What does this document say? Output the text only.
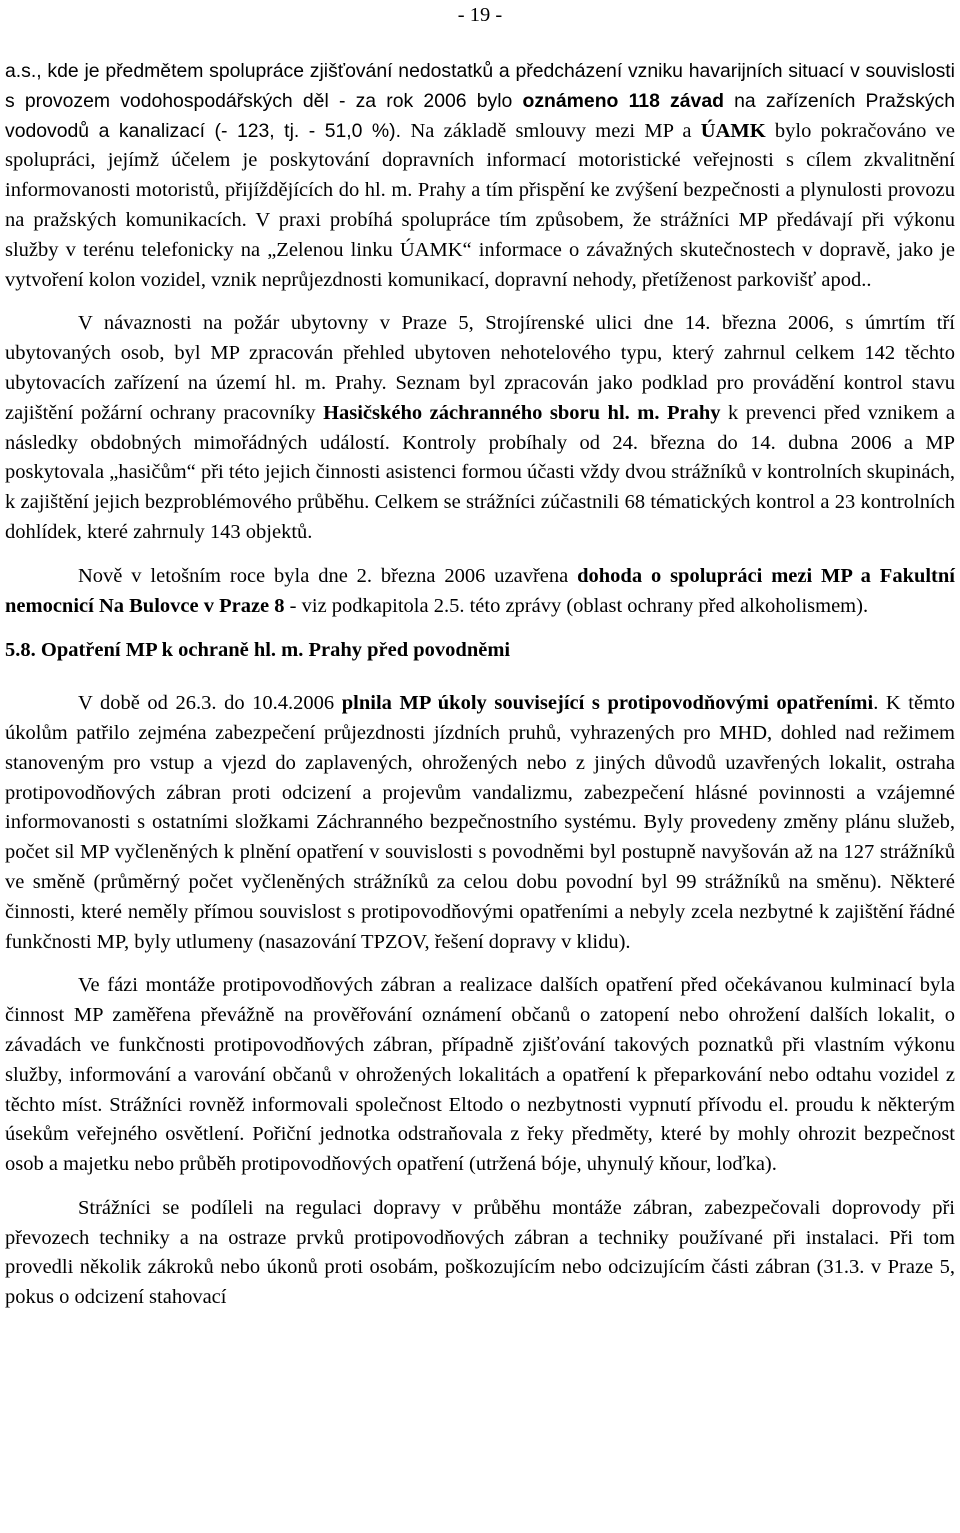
- 19 -

a.s., kde je předmětem spolupráce zjišťování nedostatků a předcházení vzniku havarijních situací v souvislosti s provozem vodohospodářských děl - za rok 2006 bylo oznámeno 118 závad na zařízeních Pražských vodovodů a kanalizací (- 123, tj. - 51,0 %). Na základě smlouvy mezi MP a ÚAMK bylo pokračováno ve spolupráci, jejímž účelem je poskytování dopravních informací motoristické veřejnosti s cílem zkvalitnění informovanosti motoristů, přijíždějících do hl. m. Prahy a tím přispění ke zvýšení bezpečnosti a plynulosti provozu na pražských komunikacích. V praxi probíhá spolupráce tím způsobem, že strážníci MP předávají při výkonu služby v terénu telefonicky na „Zelenou linku ÚAMK“ informace o závažných skutečnostech v dopravě, jako je vytvoření kolon vozidel, vznik neprůjezdnosti komunikací, dopravní nehody, přetíženost parkovišť apod..

V návaznosti na požár ubytovny v Praze 5, Strojírenské ulici dne 14. března 2006, s úmrtím tří ubytovaných osob, byl MP zpracován přehled ubytoven nehotelového typu, který zahrnul celkem 142 těchto ubytovacích zařízení na území hl. m. Prahy. Seznam byl zpracován jako podklad pro provádění kontrol stavu zajištění požární ochrany pracovníky Hasičského záchranného sboru hl. m. Prahy k prevenci před vznikem a následky obdobných mimořádných událostí. Kontroly probíhaly od 24. března do 14. dubna 2006 a MP poskytovala „hasičům“ při této jejich činnosti asistenci formou účasti vždy dvou strážníků v kontrolních skupinách, k zajištění jejich bezproblémového průběhu. Celkem se strážníci zúčastnili 68 tématických kontrol a 23 kontrolních dohlídek, které zahrnuly 143 objektů.

Nově v letošním roce byla dne 2. března 2006 uzavřena dohoda o spolupráci mezi MP a Fakultní nemocnicí Na Bulovce v Praze 8 - viz podkapitola 2.5. této zprávy (oblast ochrany před alkoholismem).

5.8. Opatření MP k ochraně hl. m. Prahy před povodněmi

V době od 26.3. do 10.4.2006 plnila MP úkoly související s protipovodňovými opatřeními. K těmto úkolům patřilo zejména zabezpečení průjezdnosti jízdních pruhů, vyhrazených pro MHD, dohled nad režimem stanoveným pro vstup a vjezd do zaplavených, ohrožených nebo z jiných důvodů uzavřených lokalit, ostraha protipovodňových zábran proti odcizení a projevům vandalizmu, zabezpečení hlásné povinnosti a vzájemné informovanosti s ostatními složkami Záchranného bezpečnostního systému. Byly provedeny změny plánu služeb, počet sil MP vyčleněných k plnění opatření v souvislosti s povodněmi byl postupně navyšován až na 127 strážníků ve směně (průměrný počet vyčleněných strážníků za celou dobu povodní byl 99 strážníků na směnu). Některé činnosti, které neměly přímou souvislost s protipovodňovými opatřeními a nebyly zcela nezbytné k zajištění řádné funkčnosti MP, byly utlumeny (nasazování TPZOV, řešení dopravy v klidu).

Ve fázi montáže protipovodňových zábran a realizace dalších opatření před očekávanou kulminací byla činnost MP zaměřena převážně na prověřování oznámení občanů o zatopení nebo ohrožení dalších lokalit, o závadách ve funkčnosti protipovodňových zábran, případně zjišťování takových poznatků při vlastním výkonu služby, informování a varování občanů v ohrožených lokalitách a opatření k přeparkování nebo odtahu vozidel z těchto míst. Strážníci rovněž informovali společnost Eltodo o nezbytnosti vypnutí přívodu el. proudu k některým úsekům veřejného osvětlení. Pořiční jednotka odstraňovala z řeky předměty, které by mohly ohrozit bezpečnost osob a majetku nebo průběh protipovodňových opatření (utržená bóje, uhynulý kňour, loďka).

Strážníci se podíleli na regulaci dopravy v průběhu montáže zábran, zabezpečovali doprovody při převozech techniky a na ostraze prvků protipovodňových zábran a techniky používané při instalaci. Při tom provedli několik zákroků nebo úkonů proti osobám, poškozujícím nebo odcizujícím části zábran (31.3. v Praze 5, pokus o odcizení stahovací
